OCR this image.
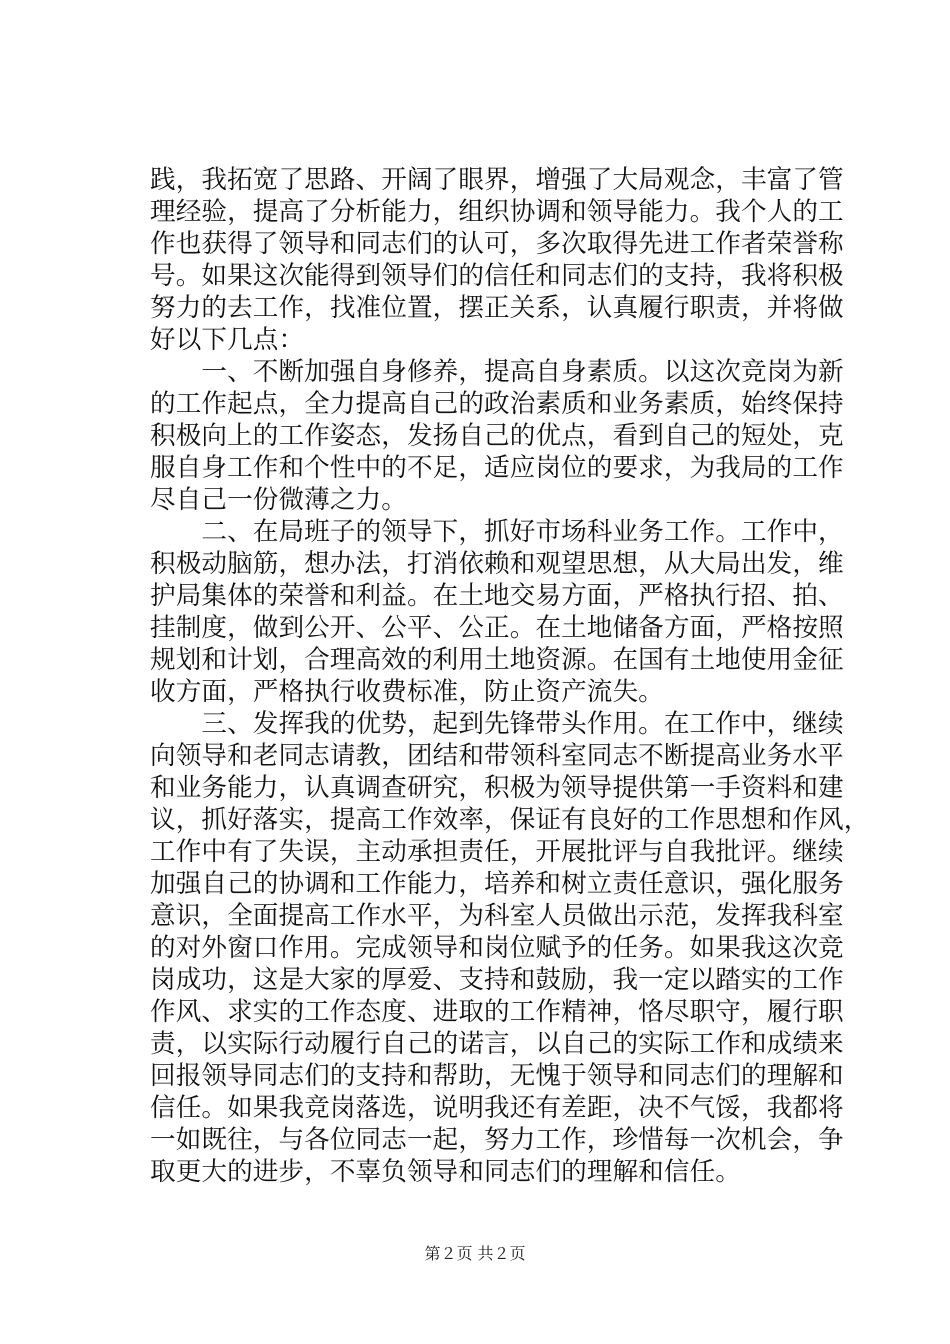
践，我拓宽了思路、开阔了眼界，增强了大局观念，丰富了管
理经验，提高了分析能力，组织协调和领导能力。我个人的工
作也获得了领导和同志们的认可，多次取得先进工作者荣誉称
号。如果这次能得到领导们的信任和同志们的支持，我将积极
努力的去工作，找准位置，摆正关系，认真履行职责，并将做
好以下几点：
　　一、不断加强自身修养，提高自身素质。以这次竞岗为新
的工作起点，全力提高自己的政治素质和业务素质，始终保持
积极向上的工作姿态，发扬自己的优点，看到自己的短处，克
服自身工作和个性中的不足，适应岗位的要求，为我局的工作
尽自己一份微薄之力。
　　二、在局班子的领导下，抓好市场科业务工作。工作中，
积极动脑筋，想办法，打消依赖和观望思想，从大局出发，维
护局集体的荣誉和利益。在土地交易方面，严格执行招、拍、
挂制度，做到公开、公平、公正。在土地储备方面，严格按照
规划和计划，合理高效的利用土地资源。在国有土地使用金征
收方面，严格执行收费标准，防止资产流失。
　　三、发挥我的优势，起到先锋带头作用。在工作中，继续
向领导和老同志请教，团结和带领科室同志不断提高业务水平
和业务能力，认真调查研究，积极为领导提供第一手资料和建
议，抓好落实，提高工作效率，保证有良好的工作思想和作风，
工作中有了失误，主动承担责任，开展批评与自我批评。继续
加强自己的协调和工作能力，培养和树立责任意识，强化服务
意识，全面提高工作水平，为科室人员做出示范，发挥我科室
的对外窗口作用。完成领导和岗位赋予的任务。如果我这次竞
岗成功，这是大家的厚爱、支持和鼓励，我一定以踏实的工作
作风、求实的工作态度、进取的工作精神，恪尽职守，履行职
责，以实际行动履行自己的诺言，以自己的实际工作和成绩来
回报领导同志们的支持和帮助，无愧于领导和同志们的理解和
信任。如果我竞岗落选，说明我还有差距，决不气馁，我都将
一如既往，与各位同志一起，努力工作，珍惜每一次机会，争
取更大的进步，不辜负领导和同志们的理解和信任。
第２页 共２页
